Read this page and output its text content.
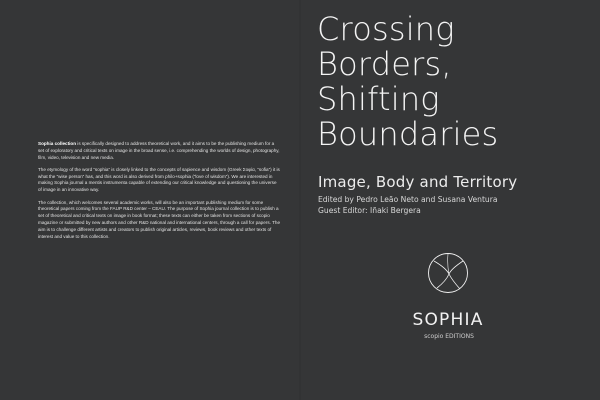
Sophia collection is specifically designed to address theoretical work, and it aims to be the publishing medium for a set of exploratory and critical texts on image in the broad sense, i.e. comprehending the worlds of design, photography, film, video, television and new media.

The etymology of the word “sophia” is closely linked to the concepts of sapience and wisdom (Greek Σοφία, “sofia”) it is what the “wise person” has, and this word is also derived from philo+sophia (“love of wisdom”). We are interested in making Sophia journal a mentis instrumenta capable of extending our critical knowledge and questioning the universe of image in an innovative way.

The collection, which welcomes several academic works, will also be an important publishing medium for some theoretical papers coming from the FAUP R&D center – CEAU. The purpose of Sophia journal collection is to publish a set of theoretical and critical texts on image in book format; these texts can either be taken from sections of scopio magazine or submitted by new authors and other R&D national and international centers, through a call for papers. The aim is to challenge different artists and creators to publish original articles, reviews, book reviews and other texts of interest and value to this collection.

Crossing
Borders,
Shifting
Boundaries
Image, Body and Territory
Edited by Pedro Leão Neto and Susana Ventura
Guest Editor: Iñaki Bergera
SOPHIA
scopio EDITIONS
